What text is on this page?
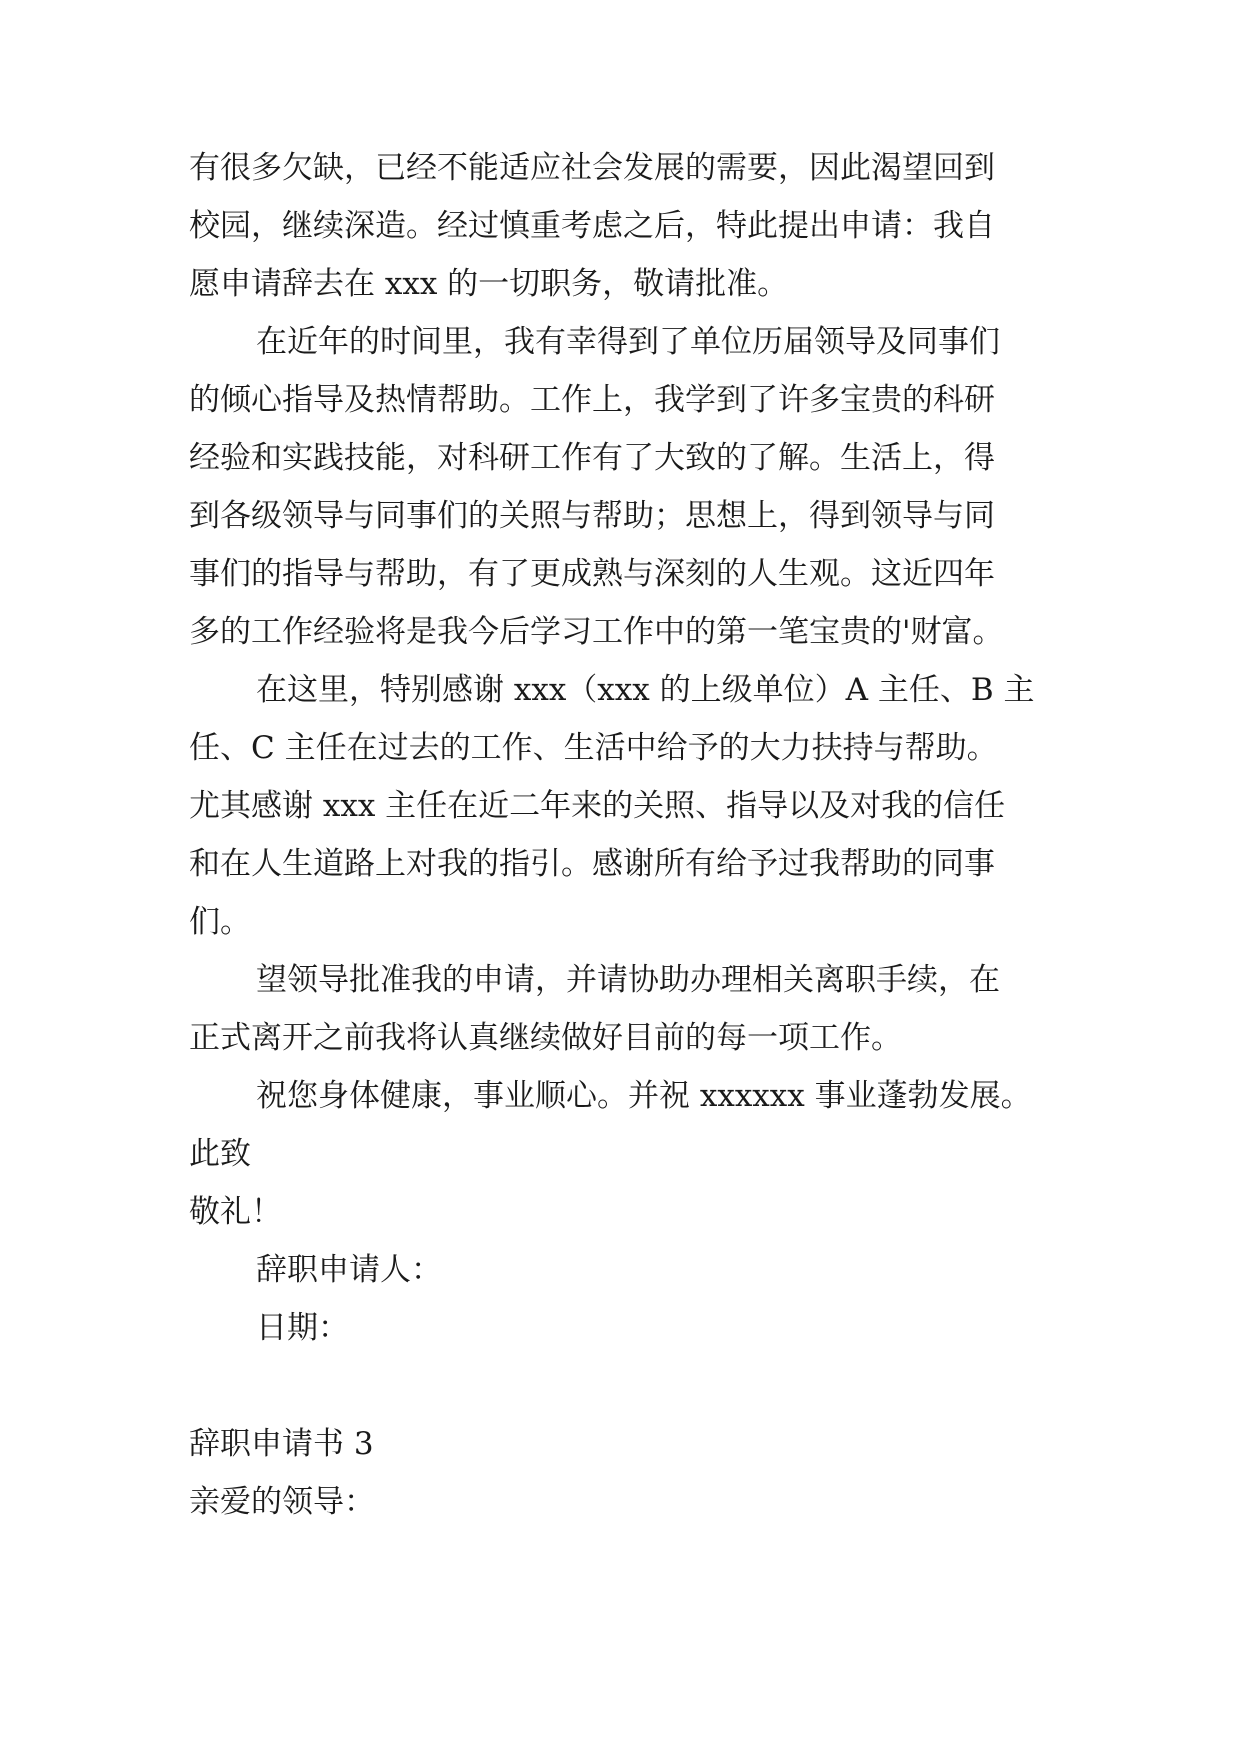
有很多欠缺，已经不能适应社会发展的需要，因此渴望回到
校园，继续深造。经过慎重考虑之后，特此提出申请：我自
愿申请辞去在 xxx 的一切职务，敬请批准。
在近年的时间里，我有幸得到了单位历届领导及同事们
的倾心指导及热情帮助。工作上，我学到了许多宝贵的科研
经验和实践技能，对科研工作有了大致的了解。生活上，得
到各级领导与同事们的关照与帮助；思想上，得到领导与同
事们的指导与帮助，有了更成熟与深刻的人生观。这近四年
多的工作经验将是我今后学习工作中的第一笔宝贵的'财富。
在这里，特别感谢 xxx（xxx 的上级单位）A 主任、B 主
任、C 主任在过去的工作、生活中给予的大力扶持与帮助。
尤其感谢 xxx 主任在近二年来的关照、指导以及对我的信任
和在人生道路上对我的指引。感谢所有给予过我帮助的同事
们。
望领导批准我的申请，并请协助办理相关离职手续，在
正式离开之前我将认真继续做好目前的每一项工作。
祝您身体健康，事业顺心。并祝 xxxxxx 事业蓬勃发展。
此致
敬礼！
辞职申请人：
日期：
辞职申请书 3
亲爱的领导：
